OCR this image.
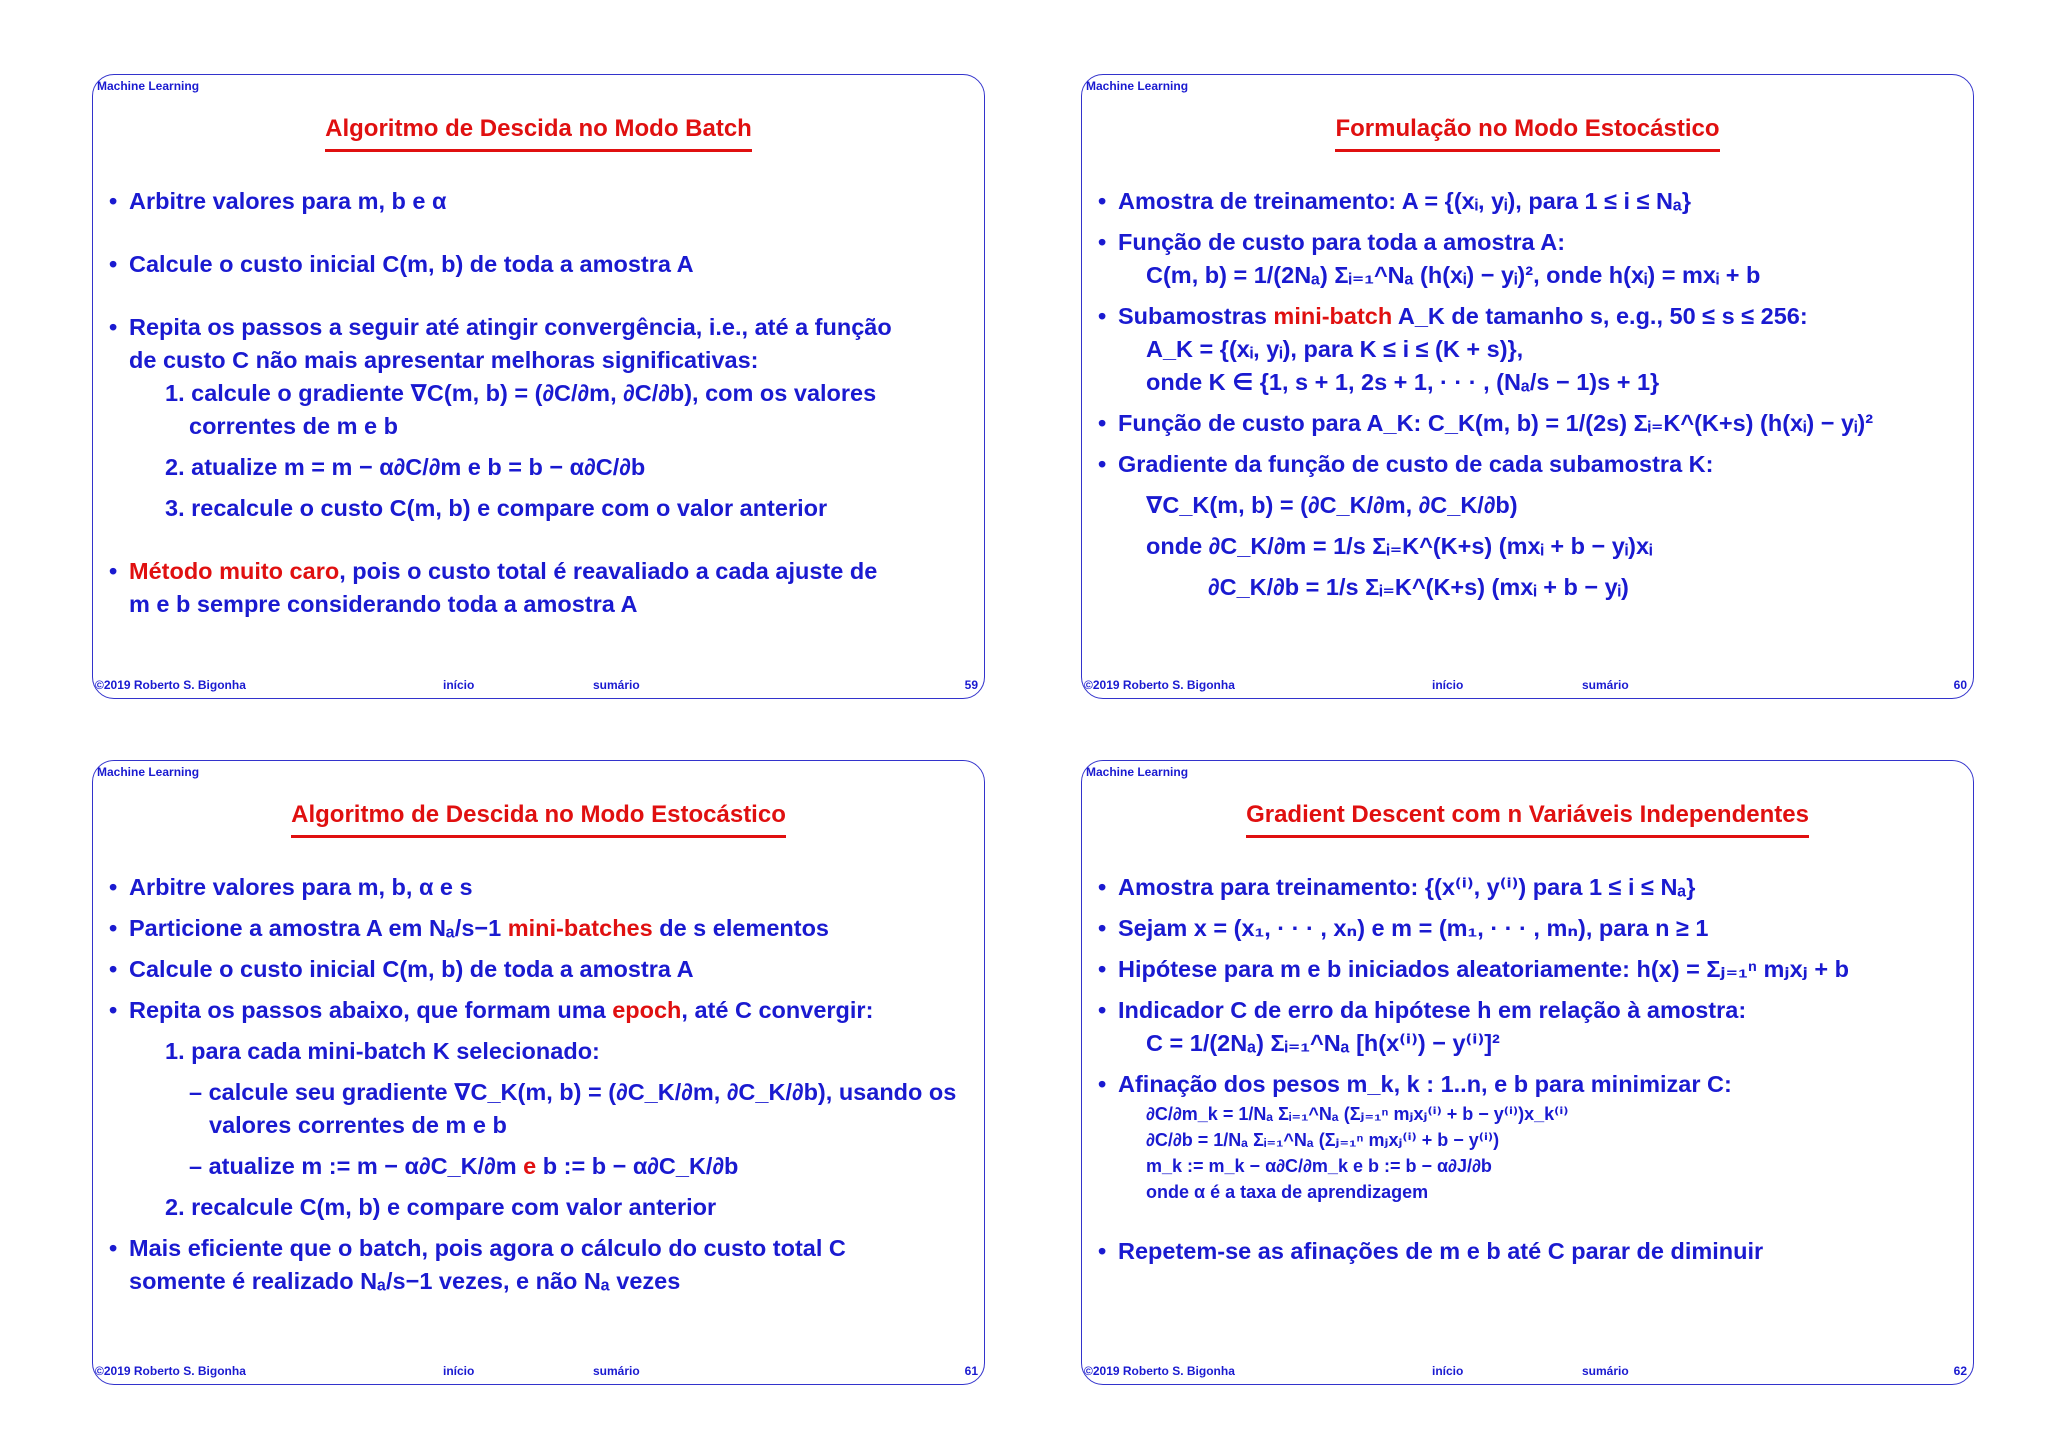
Machine Learning
Algoritmo de Descida no Modo Batch
• Arbitre valores para m, b e α
• Calcule o custo inicial C(m, b) de toda a amostra A
• Repita os passos a seguir até atingir convergência, i.e., até a função
de custo C não mais apresentar melhoras significativas:
1. calcule o gradiente ∇C(m, b) = (∂C/∂m, ∂C/∂b), com os valores
correntes de m e b
2. atualize m = m − α∂C/∂m e b = b − α∂C/∂b
3. recalcule o custo C(m, b) e compare com o valor anterior
• Método muito caro, pois o custo total é reavaliado a cada ajuste de
m e b sempre considerando toda a amostra A
©2019 Roberto S. Bigonha	início	sumário	59
Machine Learning
Formulação no Modo Estocástico
• Amostra de treinamento: A = {(xᵢ, yᵢ), para 1 ≤ i ≤ Nₐ}
• Função de custo para toda a amostra A:
C(m, b) = 1/(2Nₐ) Σᵢ₌₁^Nₐ (h(xᵢ) − yᵢ)², onde h(xᵢ) = mxᵢ + b
• Subamostras mini-batch A_K de tamanho s, e.g., 50 ≤ s ≤ 256:
A_K = {(xᵢ, yᵢ), para K ≤ i ≤ (K + s)},
onde K ∈ {1, s + 1, 2s + 1, · · · , (Nₐ/s − 1)s + 1}
• Função de custo para A_K: C_K(m, b) = 1/(2s) Σᵢ₌K^(K+s) (h(xᵢ) − yᵢ)²
• Gradiente da função de custo de cada subamostra K:
∇C_K(m, b) = (∂C_K/∂m, ∂C_K/∂b)
onde ∂C_K/∂m = 1/s Σᵢ₌K^(K+s) (mxᵢ + b − yᵢ)xᵢ
∂C_K/∂b = 1/s Σᵢ₌K^(K+s) (mxᵢ + b − yᵢ)
©2019 Roberto S. Bigonha	início	sumário	60
Machine Learning
Algoritmo de Descida no Modo Estocástico
• Arbitre valores para m, b, α e s
• Particione a amostra A em Nₐ/s−1 mini-batches de s elementos
• Calcule o custo inicial C(m, b) de toda a amostra A
• Repita os passos abaixo, que formam uma epoch, até C convergir:
1. para cada mini-batch K selecionado:
– calcule seu gradiente ∇C_K(m, b) = (∂C_K/∂m, ∂C_K/∂b), usando os
valores correntes de m e b
– atualize m := m − α∂C_K/∂m e b := b − α∂C_K/∂b
2. recalcule C(m, b) e compare com valor anterior
• Mais eficiente que o batch, pois agora o cálculo do custo total C
somente é realizado Nₐ/s−1 vezes, e não Nₐ vezes
©2019 Roberto S. Bigonha	início	sumário	61
Machine Learning
Gradient Descent com n Variáveis Independentes
• Amostra para treinamento: {(x⁽ⁱ⁾, y⁽ⁱ⁾) para 1 ≤ i ≤ Nₐ}
• Sejam x = (x₁, · · · , xₙ) e m = (m₁, · · · , mₙ), para n ≥ 1
• Hipótese para m e b iniciados aleatoriamente: h(x) = Σⱼ₌₁ⁿ mⱼxⱼ + b
• Indicador C de erro da hipótese h em relação à amostra:
C = 1/(2Nₐ) Σᵢ₌₁^Nₐ [h(x⁽ⁱ⁾) − y⁽ⁱ⁾]²
• Afinação dos pesos m_k, k : 1..n, e b para minimizar C:
∂C/∂m_k = 1/Nₐ Σᵢ₌₁^Nₐ (Σⱼ₌₁ⁿ mⱼxⱼ⁽ⁱ⁾ + b − y⁽ⁱ⁾)x_k⁽ⁱ⁾
∂C/∂b = 1/Nₐ Σᵢ₌₁^Nₐ (Σⱼ₌₁ⁿ mⱼxⱼ⁽ⁱ⁾ + b − y⁽ⁱ⁾)
m_k := m_k − α∂C/∂m_k e b := b − α∂J/∂b
onde α é a taxa de aprendizagem
• Repetem-se as afinações de m e b até C parar de diminuir
©2019 Roberto S. Bigonha	início	sumário	62
